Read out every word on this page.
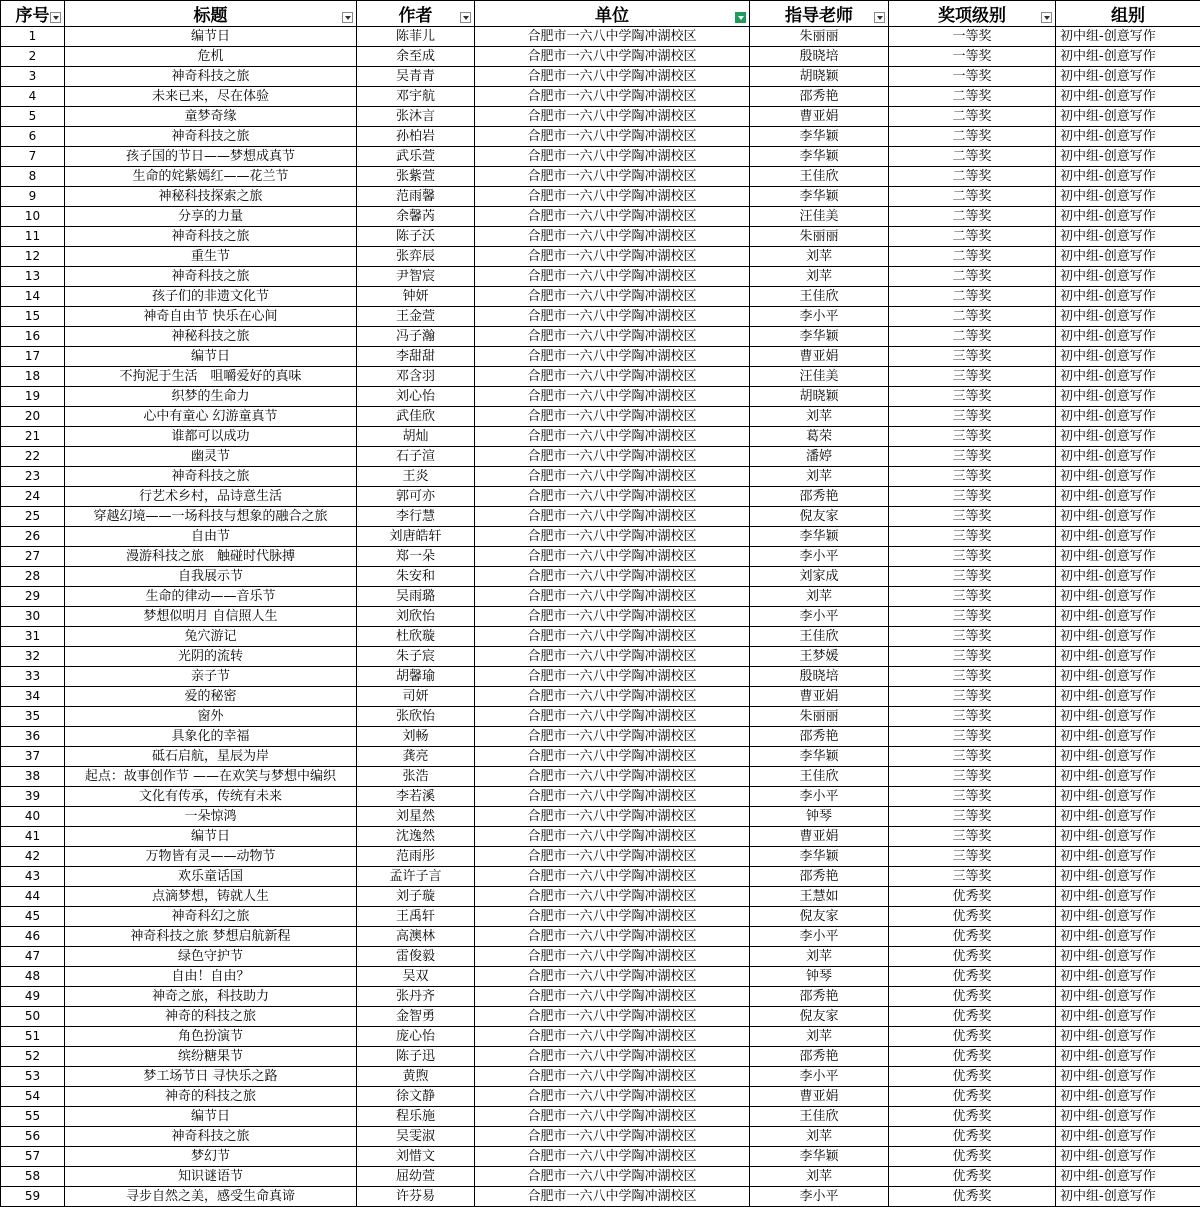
序号	标题	作者	单位	指导老师	奖项级别	组别
1	编节日	陈菲儿	合肥市一六八中学陶冲湖校区	朱丽丽	一等奖	初中组-创意写作
2	危机	余至成	合肥市一六八中学陶冲湖校区	殷晓培	一等奖	初中组-创意写作
3	神奇科技之旅	吴青青	合肥市一六八中学陶冲湖校区	胡晓颖	一等奖	初中组-创意写作
4	未来已来，尽在体验	邓宇航	合肥市一六八中学陶冲湖校区	邵秀艳	二等奖	初中组-创意写作
5	童梦奇缘	张沐言	合肥市一六八中学陶冲湖校区	曹亚娟	二等奖	初中组-创意写作
6	神奇科技之旅	孙柏岩	合肥市一六八中学陶冲湖校区	李华颖	二等奖	初中组-创意写作
7	孩子国的节日——梦想成真节	武乐萱	合肥市一六八中学陶冲湖校区	李华颖	二等奖	初中组-创意写作
8	生命的姹紫嫣红——花兰节	张紫萱	合肥市一六八中学陶冲湖校区	王佳欣	二等奖	初中组-创意写作
9	神秘科技探索之旅	范雨馨	合肥市一六八中学陶冲湖校区	李华颖	二等奖	初中组-创意写作
10	分享的力量	余馨芮	合肥市一六八中学陶冲湖校区	汪佳美	二等奖	初中组-创意写作
11	神奇科技之旅	陈子沃	合肥市一六八中学陶冲湖校区	朱丽丽	二等奖	初中组-创意写作
12	重生节	张弈辰	合肥市一六八中学陶冲湖校区	刘苹	二等奖	初中组-创意写作
13	神奇科技之旅	尹智宸	合肥市一六八中学陶冲湖校区	刘苹	二等奖	初中组-创意写作
14	孩子们的非遗文化节	钟妍	合肥市一六八中学陶冲湖校区	王佳欣	二等奖	初中组-创意写作
15	神奇自由节 快乐在心间	王金萱	合肥市一六八中学陶冲湖校区	李小平	二等奖	初中组-创意写作
16	神秘科技之旅	冯子瀚	合肥市一六八中学陶冲湖校区	李华颖	二等奖	初中组-创意写作
17	编节日	李甜甜	合肥市一六八中学陶冲湖校区	曹亚娟	三等奖	初中组-创意写作
18	不拘泥于生活　咀嚼爱好的真味	邓含羽	合肥市一六八中学陶冲湖校区	汪佳美	三等奖	初中组-创意写作
19	织梦的生命力	刘心怡	合肥市一六八中学陶冲湖校区	胡晓颖	三等奖	初中组-创意写作
20	心中有童心 幻游童真节	武佳欣	合肥市一六八中学陶冲湖校区	刘苹	三等奖	初中组-创意写作
21	谁都可以成功	胡灿	合肥市一六八中学陶冲湖校区	葛荣	三等奖	初中组-创意写作
22	幽灵节	石子渲	合肥市一六八中学陶冲湖校区	潘婷	三等奖	初中组-创意写作
23	神奇科技之旅	王炎	合肥市一六八中学陶冲湖校区	刘苹	三等奖	初中组-创意写作
24	行艺术乡村，品诗意生活	郭可亦	合肥市一六八中学陶冲湖校区	邵秀艳	三等奖	初中组-创意写作
25	穿越幻境——一场科技与想象的融合之旅	李行慧	合肥市一六八中学陶冲湖校区	倪友家	三等奖	初中组-创意写作
26	自由节	刘唐皓轩	合肥市一六八中学陶冲湖校区	李华颖	三等奖	初中组-创意写作
27	漫游科技之旅　触碰时代脉搏	郑一朵	合肥市一六八中学陶冲湖校区	李小平	三等奖	初中组-创意写作
28	自我展示节	朱安和	合肥市一六八中学陶冲湖校区	刘家成	三等奖	初中组-创意写作
29	生命的律动——音乐节	吴雨璐	合肥市一六八中学陶冲湖校区	刘苹	三等奖	初中组-创意写作
30	梦想似明月 自信照人生	刘欣怡	合肥市一六八中学陶冲湖校区	李小平	三等奖	初中组-创意写作
31	兔穴游记	杜欣璇	合肥市一六八中学陶冲湖校区	王佳欣	三等奖	初中组-创意写作
32	光阴的流转	朱子宸	合肥市一六八中学陶冲湖校区	王梦媛	三等奖	初中组-创意写作
33	亲子节	胡馨瑜	合肥市一六八中学陶冲湖校区	殷晓培	三等奖	初中组-创意写作
34	爱的秘密	司妍	合肥市一六八中学陶冲湖校区	曹亚娟	三等奖	初中组-创意写作
35	窗外	张欣怡	合肥市一六八中学陶冲湖校区	朱丽丽	三等奖	初中组-创意写作
36	具象化的幸福	刘畅	合肥市一六八中学陶冲湖校区	邵秀艳	三等奖	初中组-创意写作
37	砥石启航，星辰为岸	龚亮	合肥市一六八中学陶冲湖校区	李华颖	三等奖	初中组-创意写作
38	起点：故事创作节 ——在欢笑与梦想中编织	张浩	合肥市一六八中学陶冲湖校区	王佳欣	三等奖	初中组-创意写作
39	文化有传承，传统有未来	李若溪	合肥市一六八中学陶冲湖校区	李小平	三等奖	初中组-创意写作
40	一朵惊鸿	刘星然	合肥市一六八中学陶冲湖校区	钟琴	三等奖	初中组-创意写作
41	编节日	沈逸然	合肥市一六八中学陶冲湖校区	曹亚娟	三等奖	初中组-创意写作
42	万物皆有灵——动物节	范雨彤	合肥市一六八中学陶冲湖校区	李华颖	三等奖	初中组-创意写作
43	欢乐童话国	孟许子言	合肥市一六八中学陶冲湖校区	邵秀艳	三等奖	初中组-创意写作
44	点滴梦想，铸就人生	刘子璇	合肥市一六八中学陶冲湖校区	王慧如	优秀奖	初中组-创意写作
45	神奇科幻之旅	王禹轩	合肥市一六八中学陶冲湖校区	倪友家	优秀奖	初中组-创意写作
46	神奇科技之旅 梦想启航新程	高澳林	合肥市一六八中学陶冲湖校区	李小平	优秀奖	初中组-创意写作
47	绿色守护节	雷俊毅	合肥市一六八中学陶冲湖校区	刘苹	优秀奖	初中组-创意写作
48	自由！自由？	吴双	合肥市一六八中学陶冲湖校区	钟琴	优秀奖	初中组-创意写作
49	神奇之旅，科技助力	张丹齐	合肥市一六八中学陶冲湖校区	邵秀艳	优秀奖	初中组-创意写作
50	神奇的科技之旅	金智勇	合肥市一六八中学陶冲湖校区	倪友家	优秀奖	初中组-创意写作
51	角色扮演节	庞心怡	合肥市一六八中学陶冲湖校区	刘苹	优秀奖	初中组-创意写作
52	缤纷糖果节	陈子迅	合肥市一六八中学陶冲湖校区	邵秀艳	优秀奖	初中组-创意写作
53	梦工场节日 寻快乐之路	黄煦	合肥市一六八中学陶冲湖校区	李小平	优秀奖	初中组-创意写作
54	神奇的科技之旅	徐文静	合肥市一六八中学陶冲湖校区	曹亚娟	优秀奖	初中组-创意写作
55	编节日	程乐施	合肥市一六八中学陶冲湖校区	王佳欣	优秀奖	初中组-创意写作
56	神奇科技之旅	吴雯淑	合肥市一六八中学陶冲湖校区	刘苹	优秀奖	初中组-创意写作
57	梦幻节	刘惜文	合肥市一六八中学陶冲湖校区	李华颖	优秀奖	初中组-创意写作
58	知识谜语节	屈幼萱	合肥市一六八中学陶冲湖校区	刘苹	优秀奖	初中组-创意写作
59	寻步自然之美，感受生命真谛	许芬易	合肥市一六八中学陶冲湖校区	李小平	优秀奖	初中组-创意写作
